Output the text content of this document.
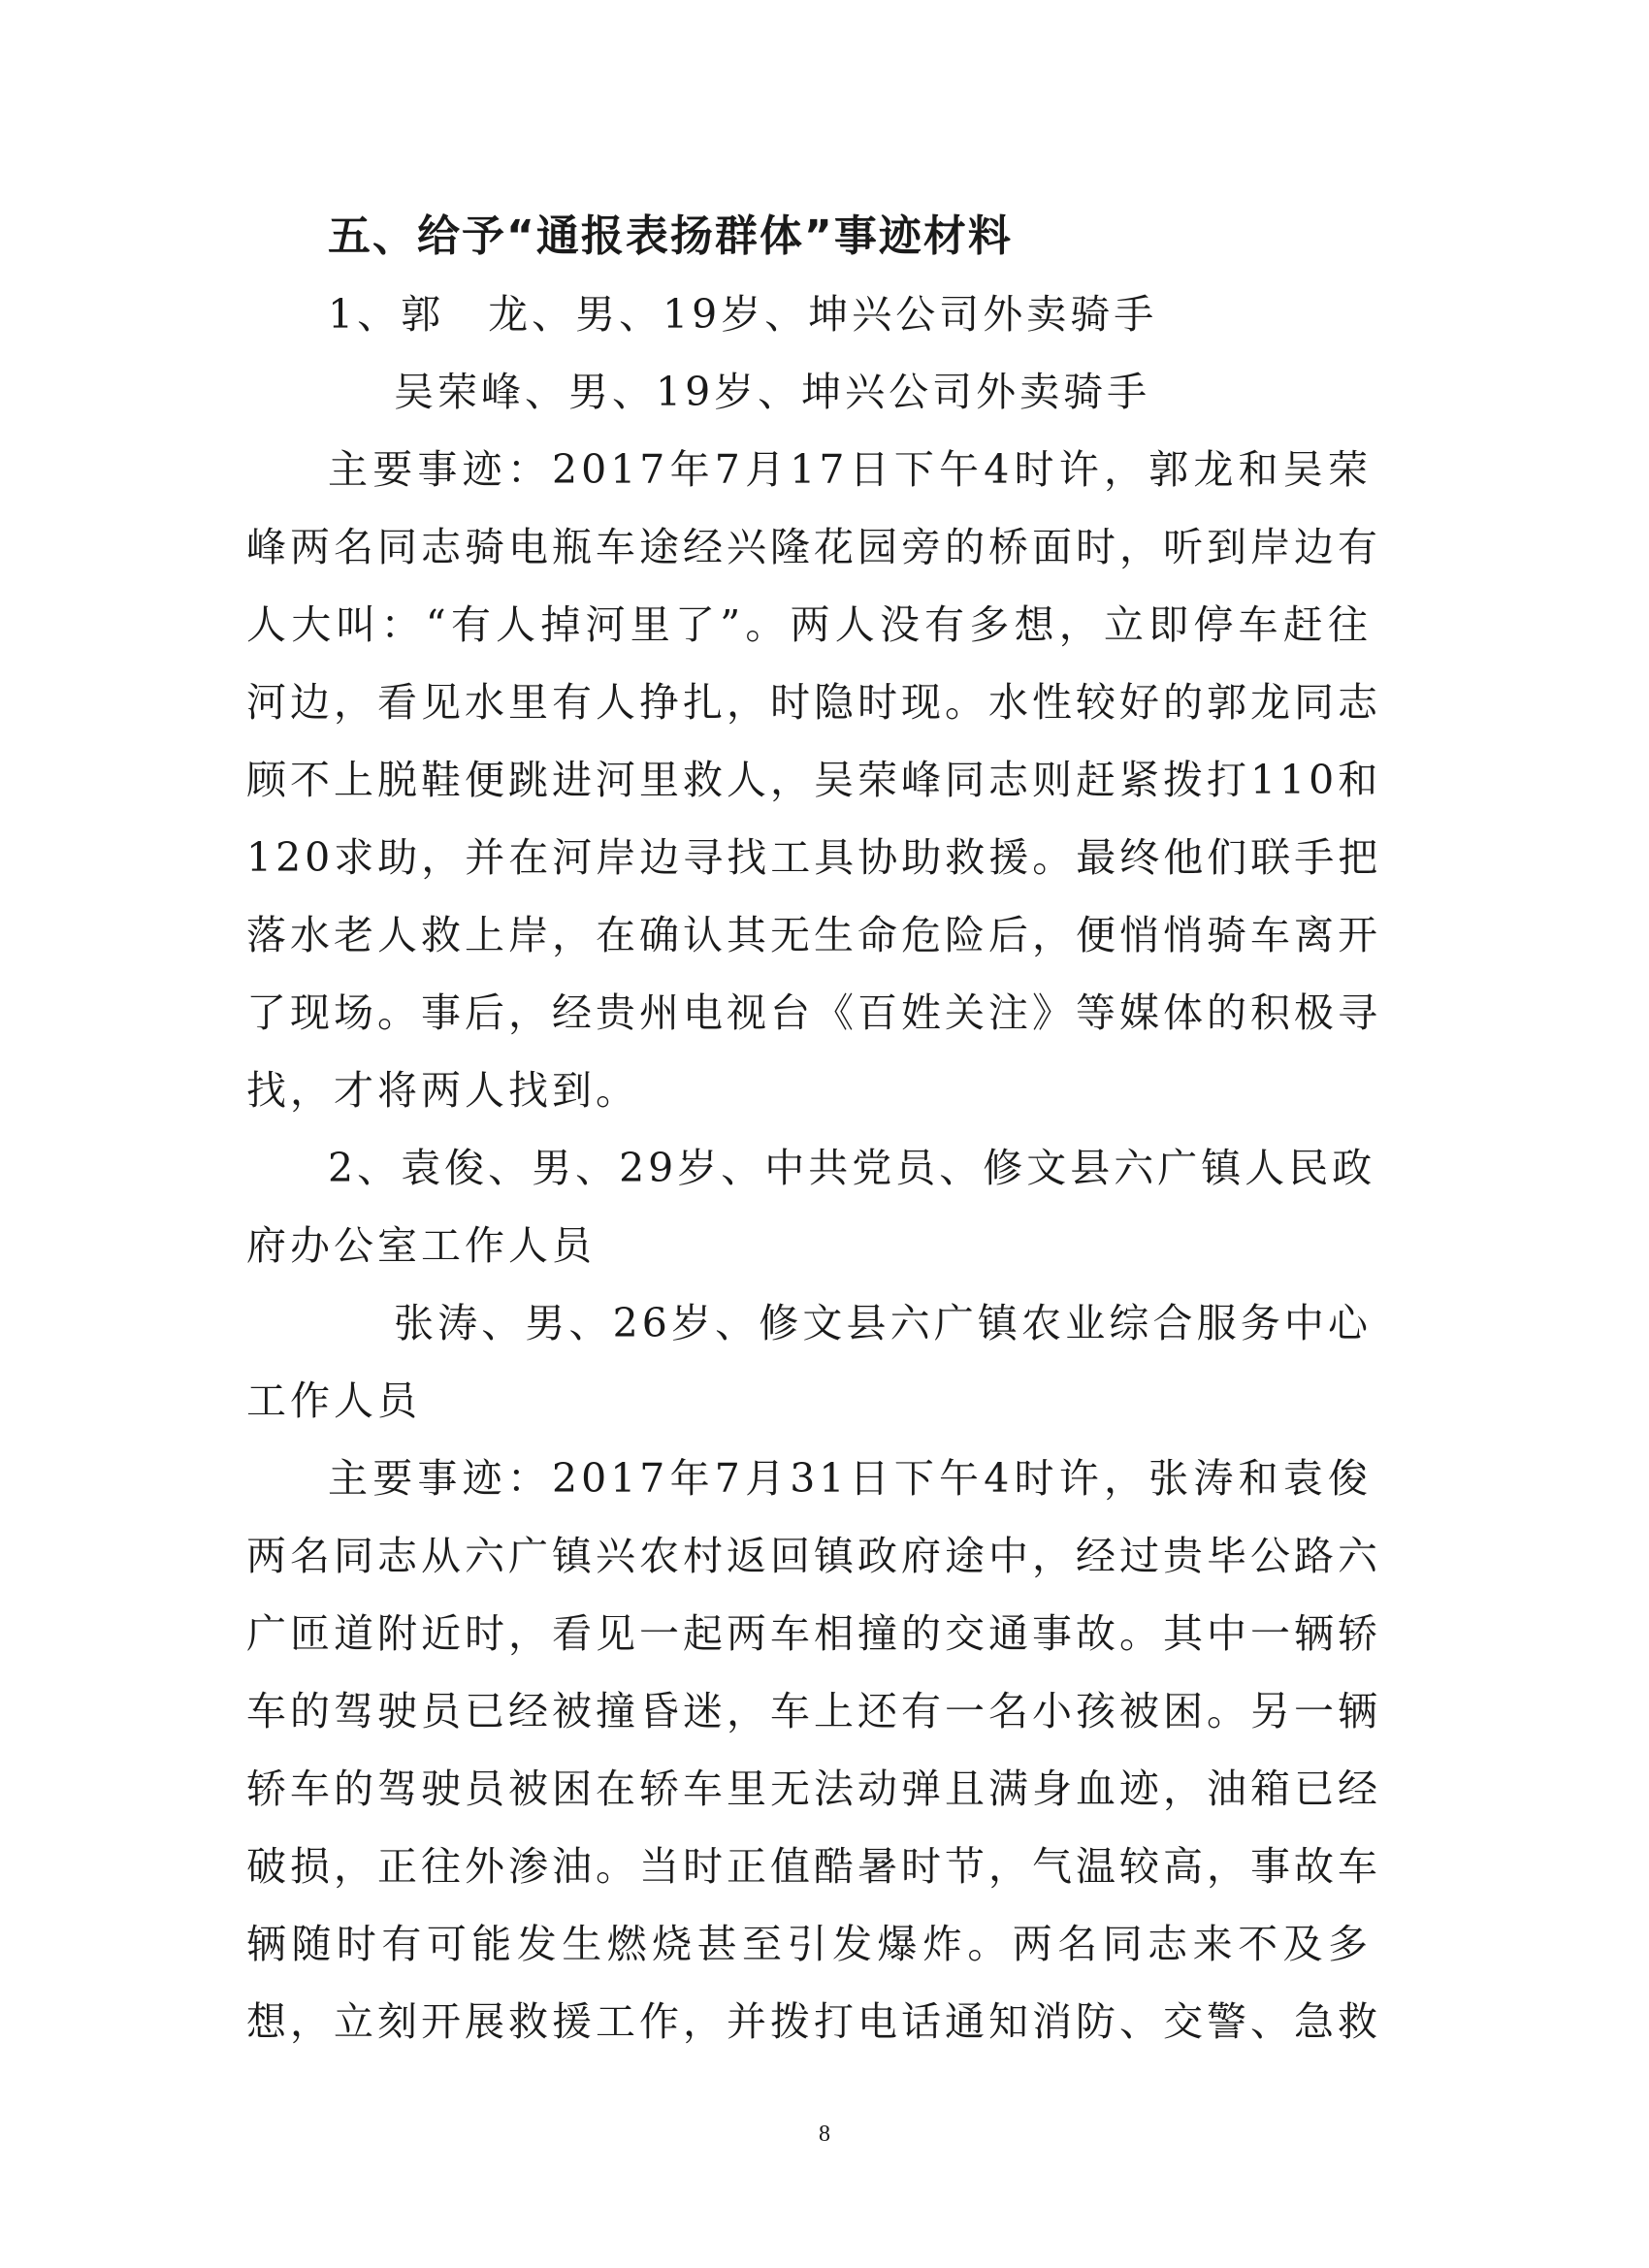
五、给予“通报表扬群体”事迹材料
1、郭　龙、男、19岁、坤兴公司外卖骑手
吴荣峰、男、19岁、坤兴公司外卖骑手
主要事迹：2017年7月17日下午4时许，郭龙和吴荣
峰两名同志骑电瓶车途经兴隆花园旁的桥面时，听到岸边有
人大叫：“有人掉河里了”。两人没有多想，立即停车赶往
河边，看见水里有人挣扎，时隐时现。水性较好的郭龙同志
顾不上脱鞋便跳进河里救人，吴荣峰同志则赶紧拨打110和
120求助，并在河岸边寻找工具协助救援。最终他们联手把
落水老人救上岸，在确认其无生命危险后，便悄悄骑车离开
了现场。事后，经贵州电视台《百姓关注》等媒体的积极寻
找，才将两人找到。
2、袁俊、男、29岁、中共党员、修文县六广镇人民政
府办公室工作人员
张涛、男、26岁、修文县六广镇农业综合服务中心
工作人员
主要事迹：2017年7月31日下午4时许，张涛和袁俊
两名同志从六广镇兴农村返回镇政府途中，经过贵毕公路六
广匝道附近时，看见一起两车相撞的交通事故。其中一辆轿
车的驾驶员已经被撞昏迷，车上还有一名小孩被困。另一辆
轿车的驾驶员被困在轿车里无法动弹且满身血迹，油箱已经
破损，正往外渗油。当时正值酷暑时节，气温较高，事故车
辆随时有可能发生燃烧甚至引发爆炸。两名同志来不及多
想，立刻开展救援工作，并拨打电话通知消防、交警、急救
8
